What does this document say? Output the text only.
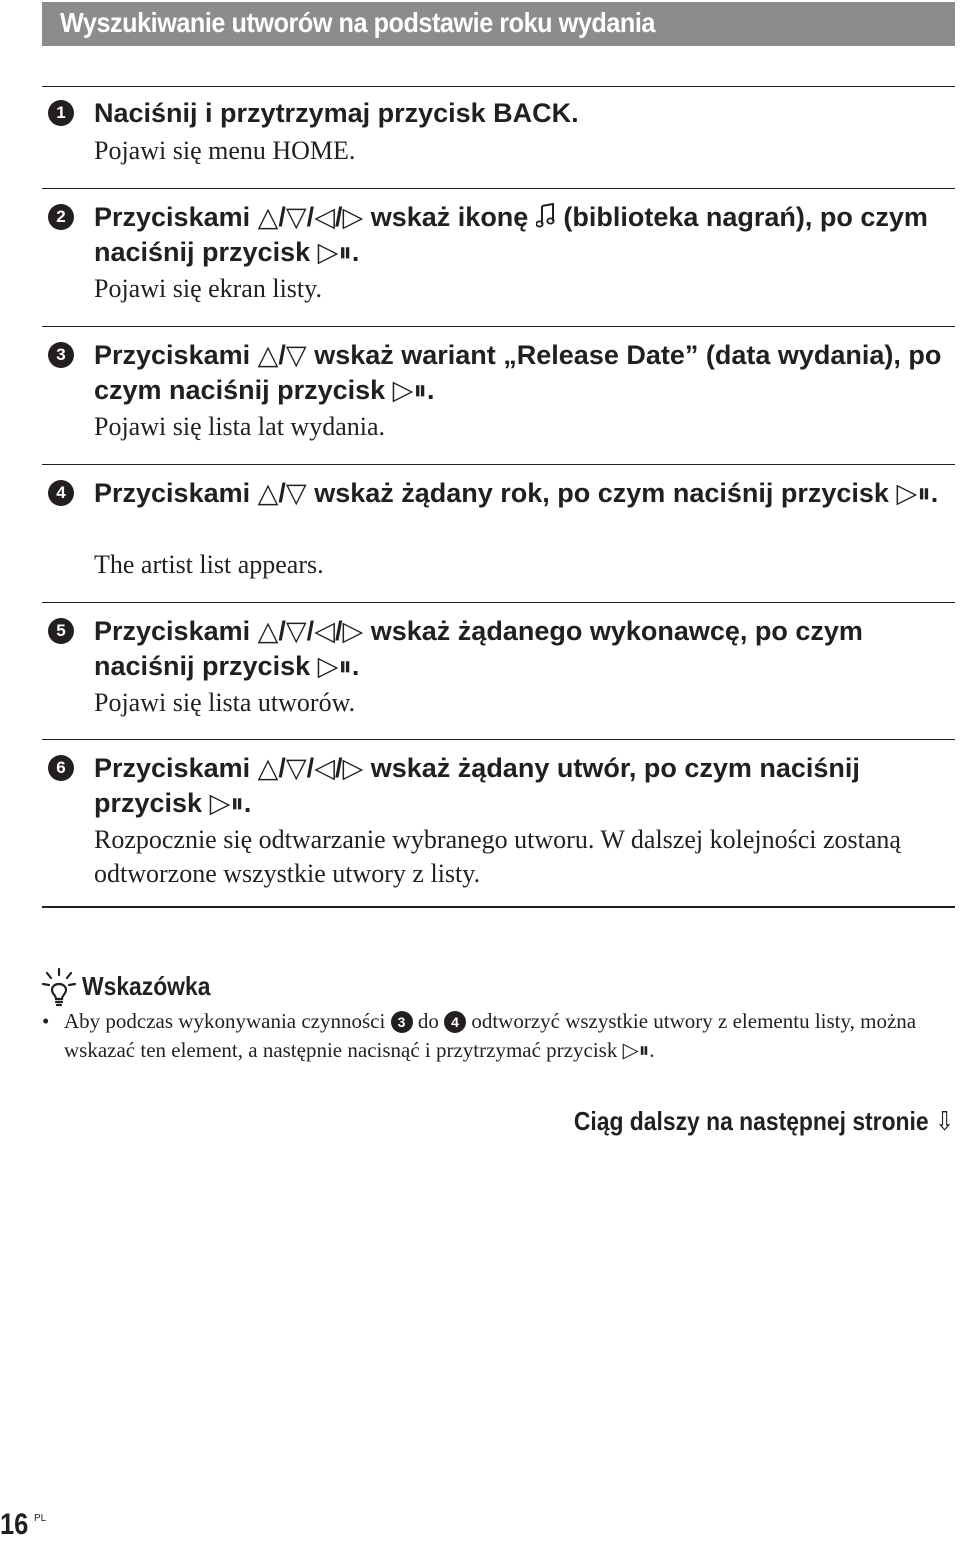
Wyszukiwanie utworów na podstawie roku wydania
1	Naciśnij i przytrzymaj przycisk BACK.
Pojawi się menu HOME.
2	Przyciskami △/▽/◁/▷ wskaż ikonę (biblioteka nagrań), po czym naciśnij przycisk ▷⏸.
Pojawi się ekran listy.
3	Przyciskami △/▽ wskaż wariant „Release Date” (data wydania), po czym naciśnij przycisk ▷⏸.
Pojawi się lista lat wydania.
4	Przyciskami △/▽ wskaż żądany rok, po czym naciśnij przycisk ▷⏸.
The artist list appears.
5	Przyciskami △/▽/◁/▷ wskaż żądanego wykonawcę, po czym naciśnij przycisk ▷⏸.
Pojawi się lista utworów.
6	Przyciskami △/▽/◁/▷ wskaż żądany utwór, po czym naciśnij przycisk ▷⏸.
Rozpocznie się odtwarzanie wybranego utworu. W dalszej kolejności zostaną odtworzone wszystkie utwory z listy.
Wskazówka
• Aby podczas wykonywania czynności 3 do 4 odtworzyć wszystkie utwory z elementu listy, można wskazać ten element, a następnie nacisnąć i przytrzymać przycisk ▷⏸.
Ciąg dalszy na następnej stronie ⇩
16 PL
